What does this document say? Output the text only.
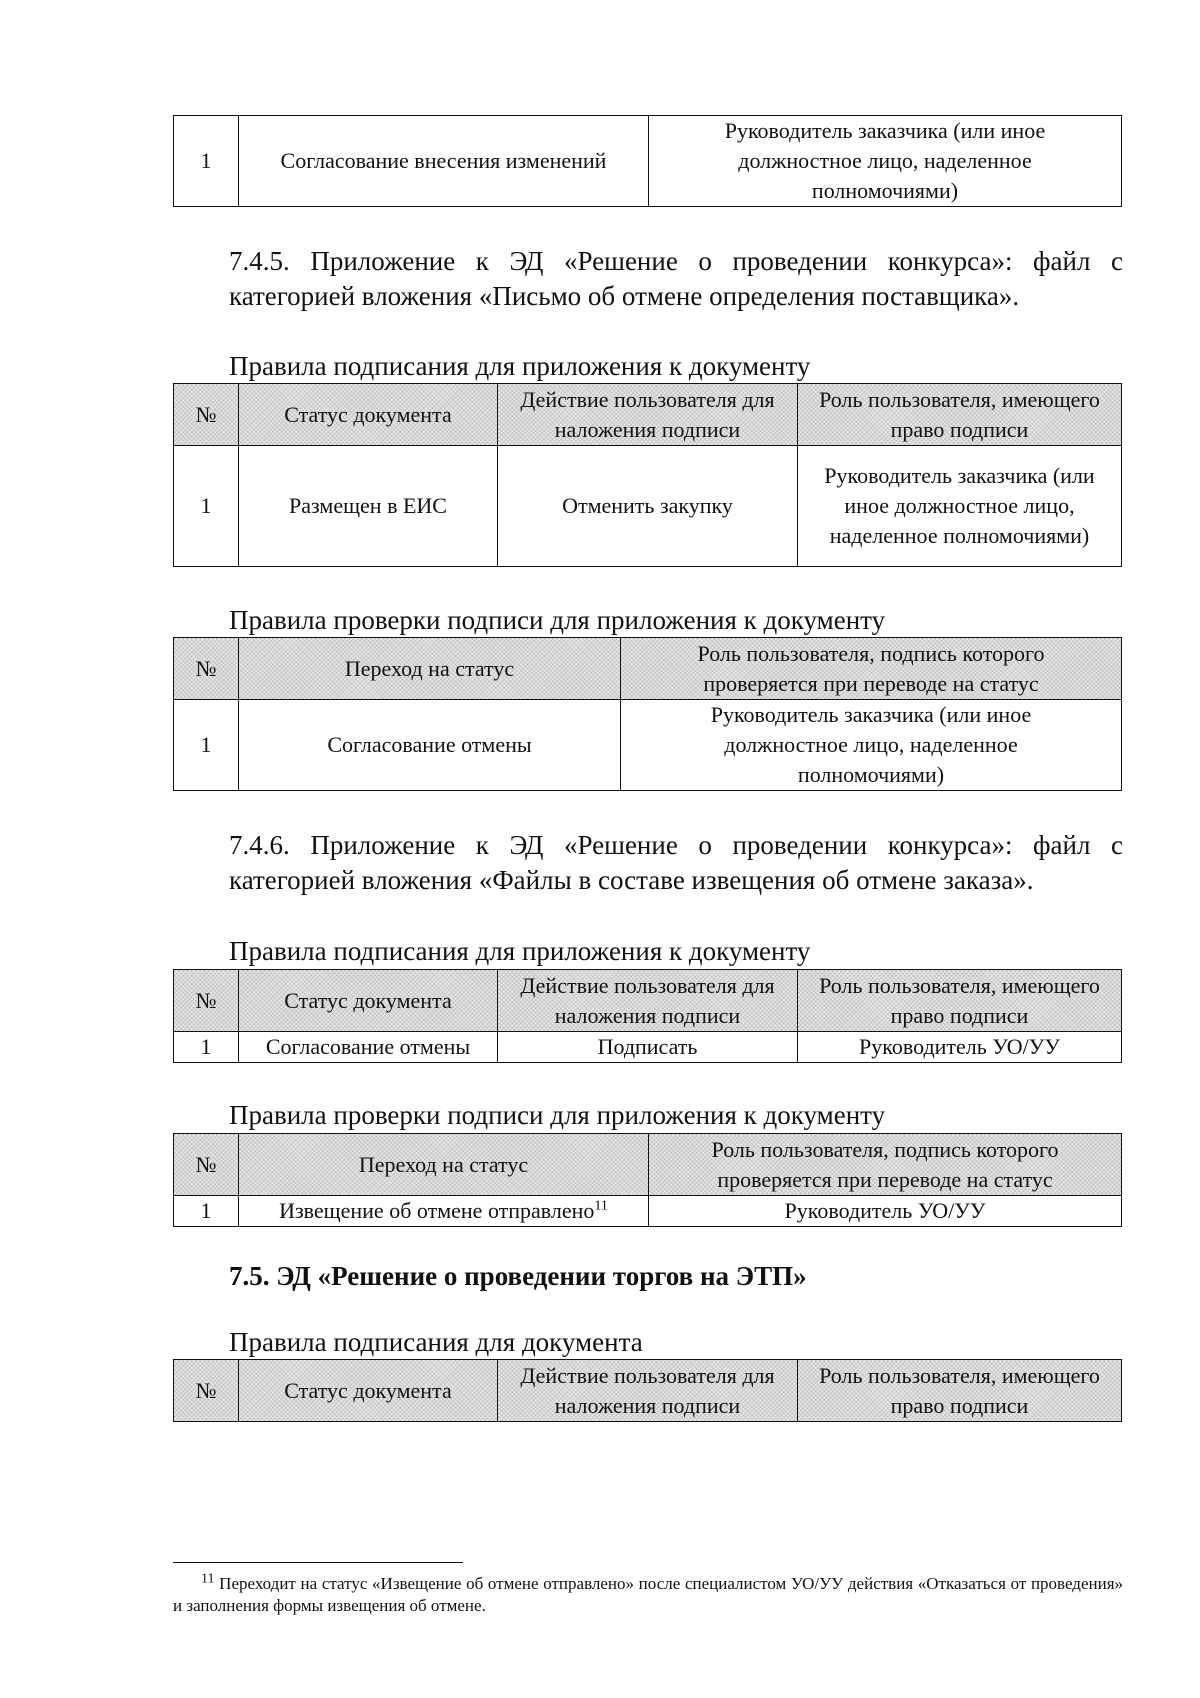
1	Согласование внесения изменений	Руководитель заказчика (или иное должностное лицо, наделенное полномочиями)
7.4.5. Приложение к ЭД «Решение о проведении конкурса»: файл с категорией вложения «Письмо об отмене определения поставщика».
Правила подписания для приложения к документу
№	Статус документа	Действие пользователя для наложения подписи	Роль пользователя, имеющего право подписи
1	Размещен в ЕИС	Отменить закупку	Руководитель заказчика (или иное должностное лицо, наделенное полномочиями)
Правила проверки подписи для приложения к документу
№	Переход на статус	Роль пользователя, подпись которого проверяется при переводе на статус
1	Согласование отмены	Руководитель заказчика (или иное должностное лицо, наделенное полномочиями)
7.4.6. Приложение к ЭД «Решение о проведении конкурса»: файл с категорией вложения «Файлы в составе извещения об отмене заказа».
Правила подписания для приложения к документу
№	Статус документа	Действие пользователя для наложения подписи	Роль пользователя, имеющего право подписи
1	Согласование отмены	Подписать	Руководитель УО/УУ
Правила проверки подписи для приложения к документу
№	Переход на статус	Роль пользователя, подпись которого проверяется при переводе на статус
1	Извещение об отмене отправлено$^{11}$	Руководитель УО/УУ
7.5. ЭД «Решение о проведении торгов на ЭТП»
Правила подписания для документа
№	Статус документа	Действие пользователя для наложения подписи	Роль пользователя, имеющего право подписи
$^{11}$ Переходит на статус «Извещение об отмене отправлено» после специалистом УО/УУ действия «Отказаться от проведения» и заполнения формы извещения об отмене.
